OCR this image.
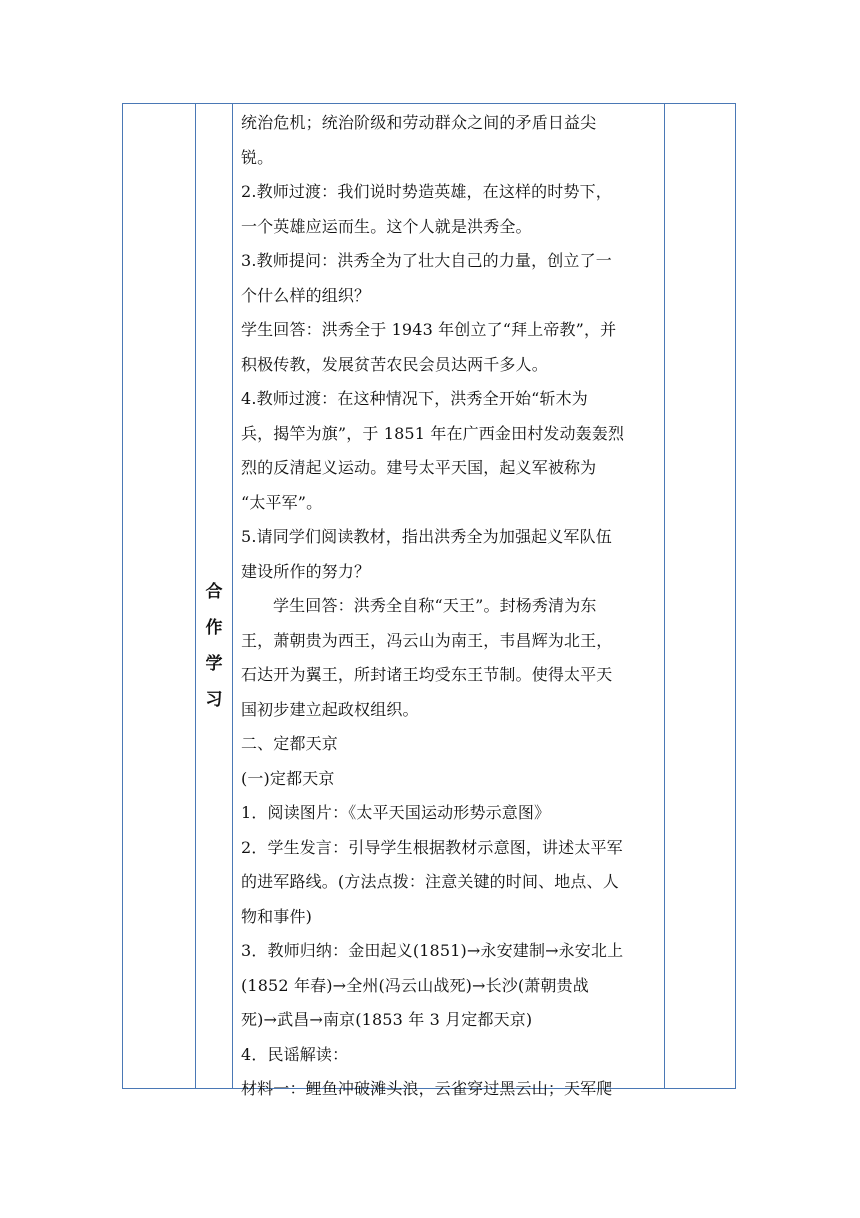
合
作
学
习
统治危机；统治阶级和劳动群众之间的矛盾日益尖
锐。
2.教师过渡：我们说时势造英雄，在这样的时势下，
一个英雄应运而生。这个人就是洪秀全。
3.教师提问：洪秀全为了壮大自己的力量，创立了一
个什么样的组织？
学生回答：洪秀全于 1943 年创立了“拜上帝教”，并
积极传教，发展贫苦农民会员达两千多人。
4.教师过渡：在这种情况下，洪秀全开始“斩木为
兵，揭竿为旗”，于 1851 年在广西金田村发动轰轰烈
烈的反清起义运动。建号太平天国，起义军被称为
“太平军”。
5.请同学们阅读教材，指出洪秀全为加强起义军队伍
建设所作的努力？
学生回答：洪秀全自称“天王”。封杨秀清为东
王，萧朝贵为西王，冯云山为南王，韦昌辉为北王，
石达开为翼王，所封诸王均受东王节制。使得太平天
国初步建立起政权组织。
二、定都天京
(一)定都天京
1．阅读图片：《太平天国运动形势示意图》
2．学生发言：引导学生根据教材示意图，讲述太平军
的进军路线。(方法点拨：注意关键的时间、地点、人
物和事件)
3．教师归纳：金田起义(1851)→永安建制→永安北上
(1852 年春)→全州(冯云山战死)→长沙(萧朝贵战
死)→武昌→南京(1853 年 3 月定都天京)
4．民谣解读：
材料一：鲤鱼冲破滩头浪，云雀穿过黑云山；天军爬
